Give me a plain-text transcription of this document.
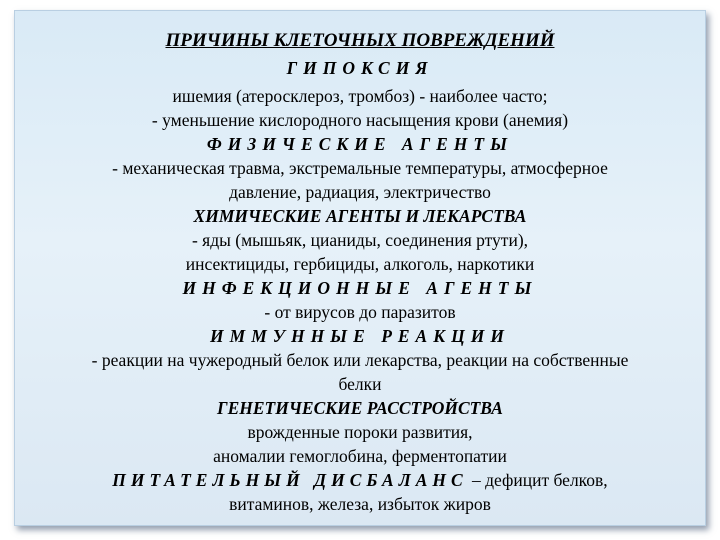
ПРИЧИНЫ КЛЕТОЧНЫХ ПОВРЕЖДЕНИЙ
ГИПОКСИЯ
ишемия (атеросклероз, тромбоз) - наиболее часто;
- уменьшение кислородного насыщения крови (анемия)
ФИЗИЧЕСКИЕ АГЕНТЫ
- механическая травма, экстремальные температуры, атмосферное
давление, радиация, электричество
ХИМИЧЕСКИЕ АГЕНТЫ И ЛЕКАРСТВА
- яды (мышьяк, цианиды, соединения ртути),
инсектициды, гербициды, алкоголь, наркотики
ИНФЕКЦИОННЫЕ АГЕНТЫ
- от вирусов до паразитов
ИММУННЫЕ РЕАКЦИИ
- реакции на чужеродный белок или лекарства, реакции на собственные
белки
ГЕНЕТИЧЕСКИЕ РАССТРОЙСТВА
врожденные пороки развития,
аномалии гемоглобина, ферментопатии
ПИТАТЕЛЬНЫЙ ДИСБАЛАНС – дефицит белков,
витаминов, железа, избыток жиров
